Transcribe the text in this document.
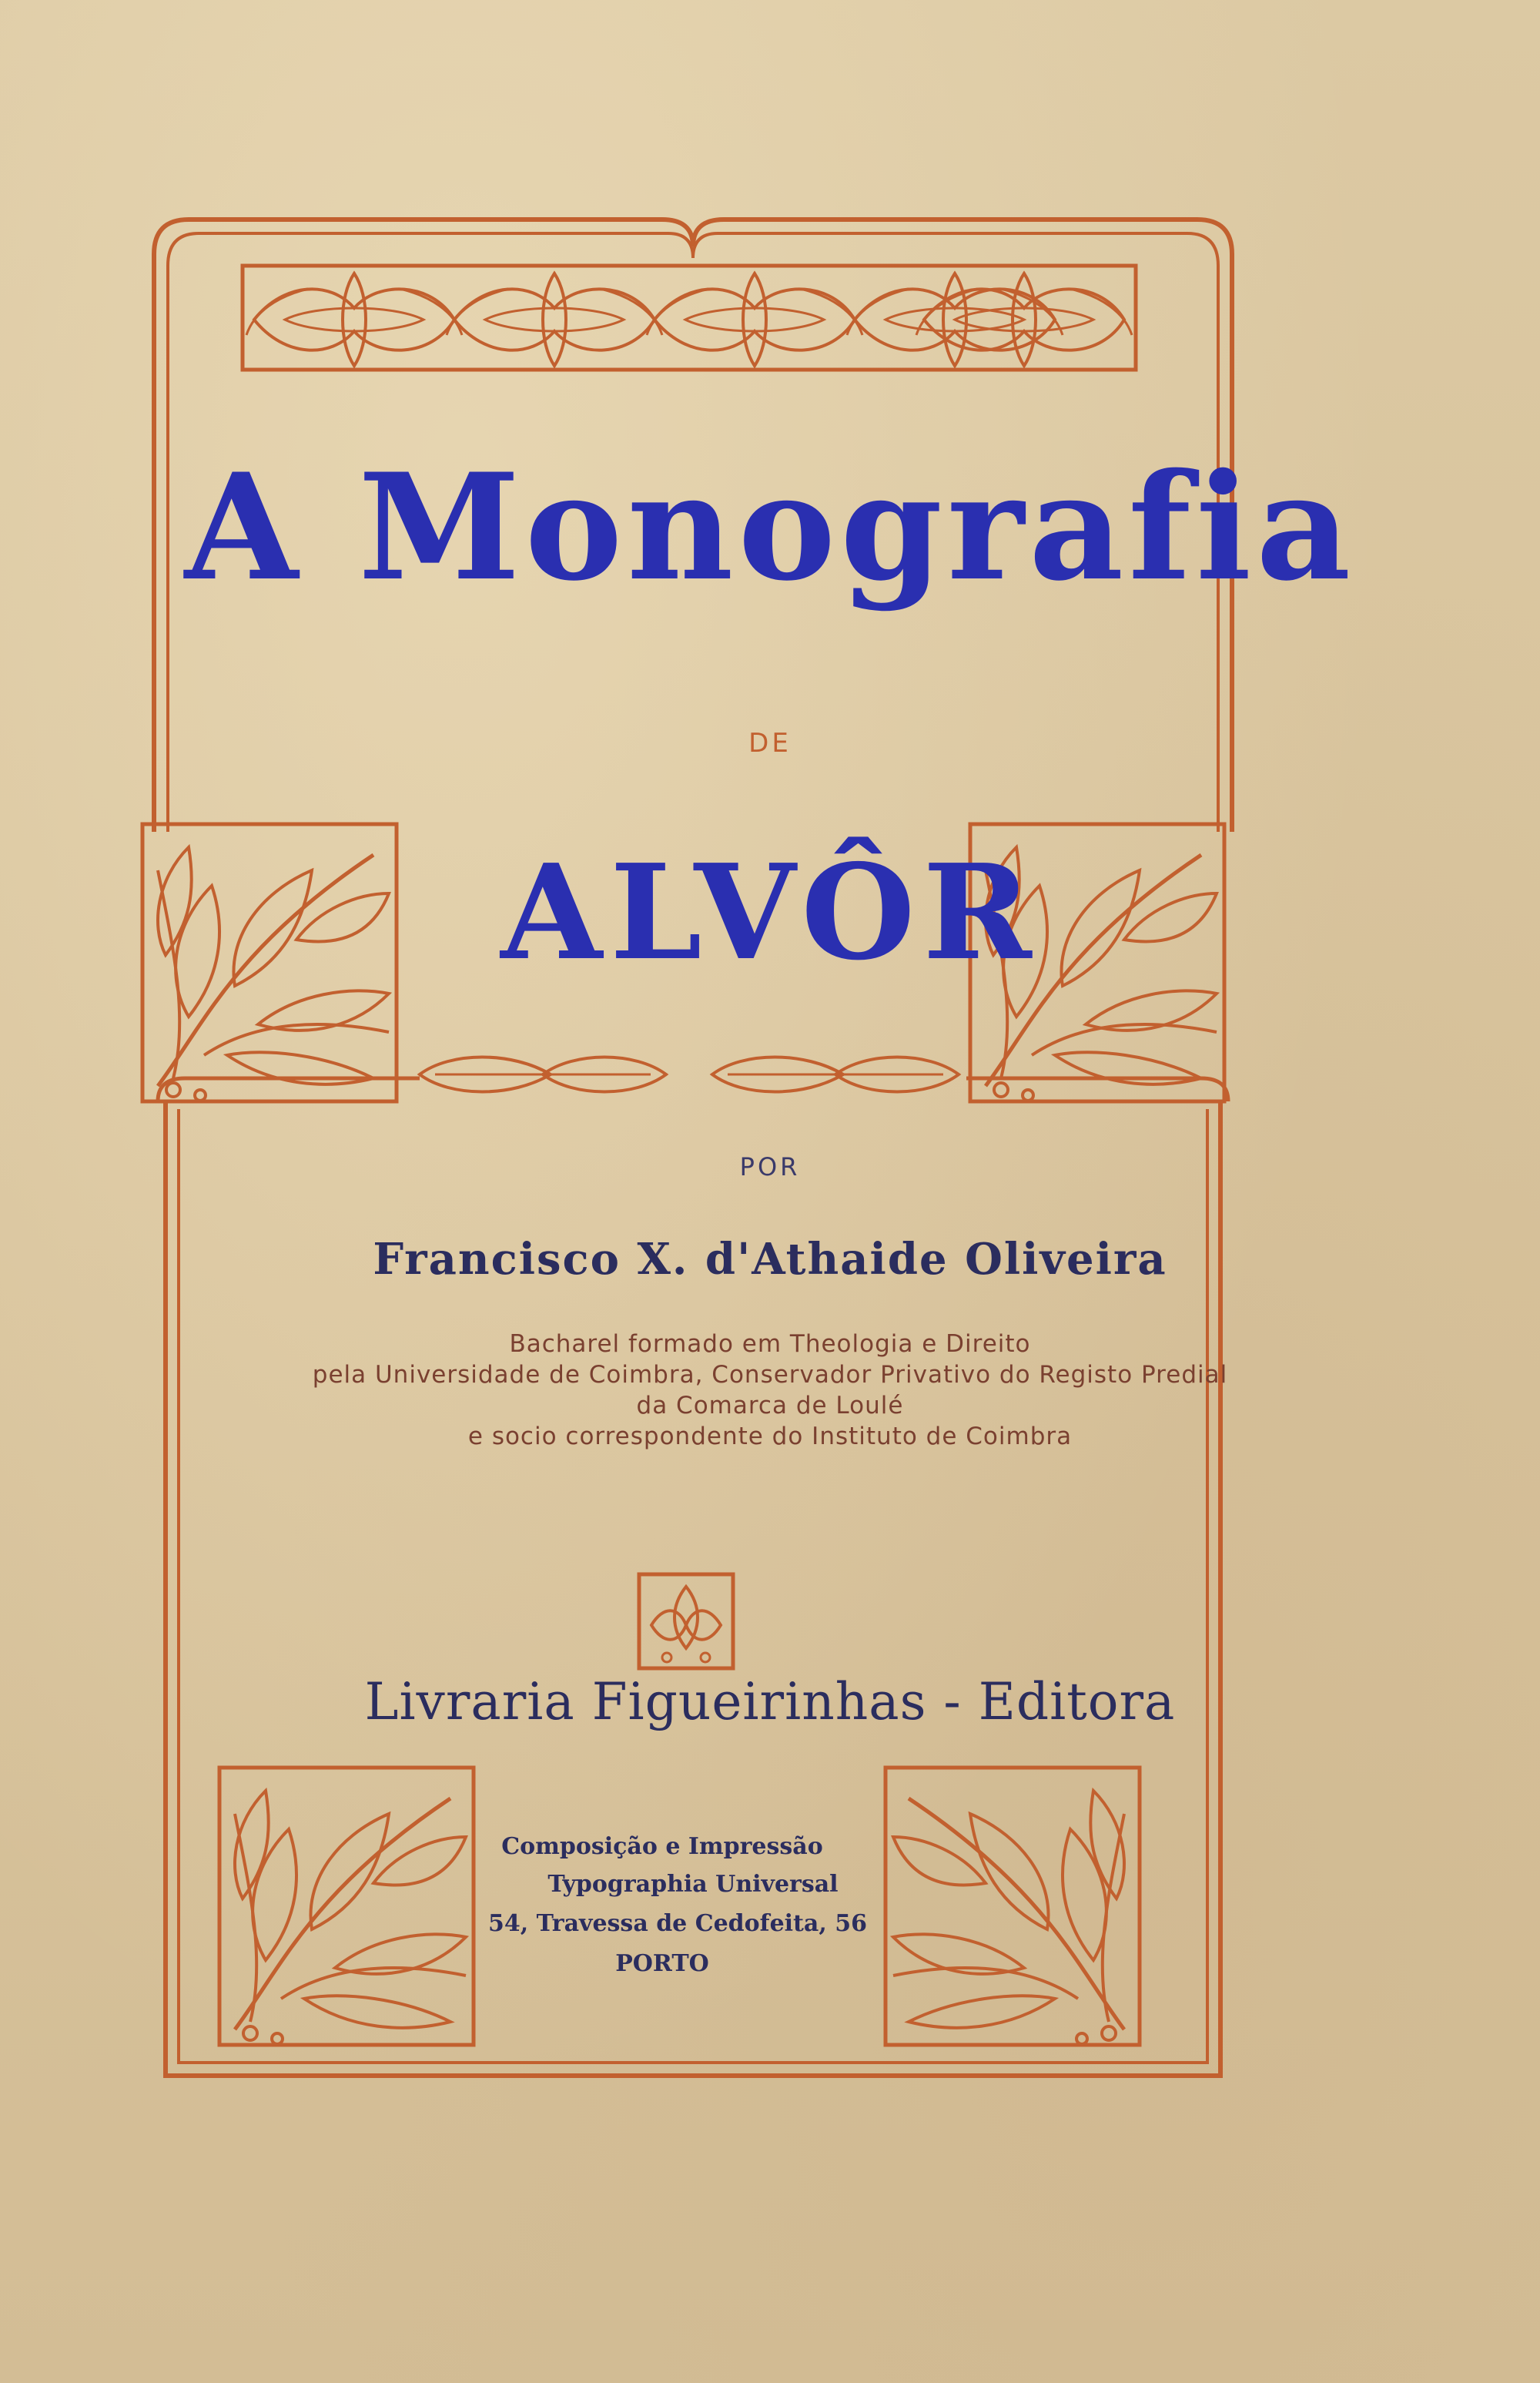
A Monografia
DE
ALVÔR
POR
Francisco X. d'Athaide Oliveira
Bacharel formado em Theologia e Direito
pela Universidade de Coimbra, Conservador Privativo do Registo Predial
da Comarca de Loulé
e socio correspondente do Instituto de Coimbra
Livraria Figueirinhas - Editora
Composição e Impressão
Typographia Universal
54, Travessa de Cedofeita, 56
PORTO
